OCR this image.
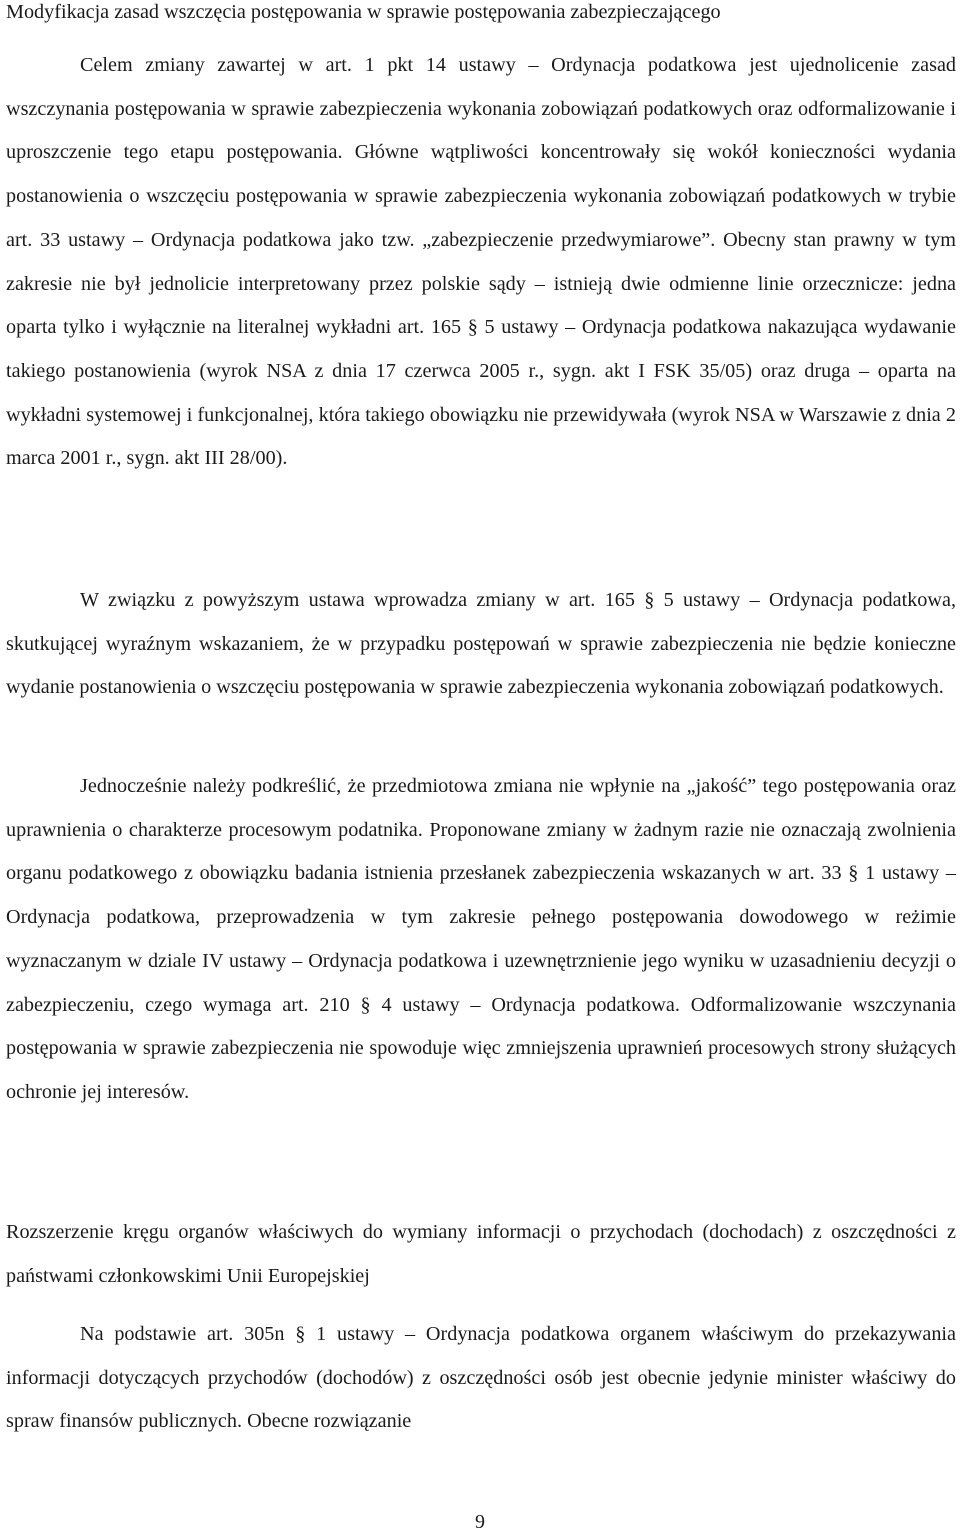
Modyfikacja zasad wszczęcia postępowania w sprawie postępowania zabezpieczającego

Celem zmiany zawartej w art. 1 pkt 14 ustawy – Ordynacja podatkowa jest ujednolicenie zasad wszczynania postępowania w sprawie zabezpieczenia wykonania zobowiązań podatkowych oraz odformalizowanie i uproszczenie tego etapu postępowania. Główne wątpliwości koncentrowały się wokół konieczności wydania postanowienia o wszczęciu postępowania w sprawie zabezpieczenia wykonania zobowiązań podatkowych w trybie art. 33 ustawy – Ordynacja podatkowa jako tzw. „zabezpieczenie przedwymiarowe”. Obecny stan prawny w tym zakresie nie był jednolicie interpretowany przez polskie sądy – istnieją dwie odmienne linie orzecznicze: jedna oparta tylko i wyłącznie na literalnej wykładni art. 165 § 5 ustawy – Ordynacja podatkowa nakazująca wydawanie takiego postanowienia (wyrok NSA z dnia 17 czerwca 2005 r., sygn. akt I FSK 35/05) oraz druga – oparta na wykładni systemowej i funkcjonalnej, która takiego obowiązku nie przewidywała (wyrok NSA w Warszawie z dnia 2 marca 2001 r., sygn. akt III 28/00).

W związku z powyższym ustawa wprowadza zmiany w art. 165 § 5 ustawy – Ordynacja podatkowa, skutkującej wyraźnym wskazaniem, że w przypadku postępowań w sprawie zabezpieczenia nie będzie konieczne wydanie postanowienia o wszczęciu postępowania w sprawie zabezpieczenia wykonania zobowiązań podatkowych.

Jednocześnie należy podkreślić, że przedmiotowa zmiana nie wpłynie na „jakość” tego postępowania oraz uprawnienia o charakterze procesowym podatnika. Proponowane zmiany w żadnym razie nie oznaczają zwolnienia organu podatkowego z obowiązku badania istnienia przesłanek zabezpieczenia wskazanych w art. 33 § 1 ustawy – Ordynacja podatkowa, przeprowadzenia w tym zakresie pełnego postępowania dowodowego w reżimie wyznaczanym w dziale IV ustawy – Ordynacja podatkowa i uzewnętrznienie jego wyniku w uzasadnieniu decyzji o zabezpieczeniu, czego wymaga art. 210 § 4 ustawy – Ordynacja podatkowa. Odformalizowanie wszczynania postępowania w sprawie zabezpieczenia nie spowoduje więc zmniejszenia uprawnień procesowych strony służących ochronie jej interesów.

Rozszerzenie kręgu organów właściwych do wymiany informacji o przychodach (dochodach) z oszczędności z państwami członkowskimi Unii Europejskiej

Na podstawie art. 305n § 1 ustawy – Ordynacja podatkowa organem właściwym do przekazywania informacji dotyczących przychodów (dochodów) z oszczędności osób jest obecnie jedynie minister właściwy do spraw finansów publicznych. Obecne rozwiązanie

9
